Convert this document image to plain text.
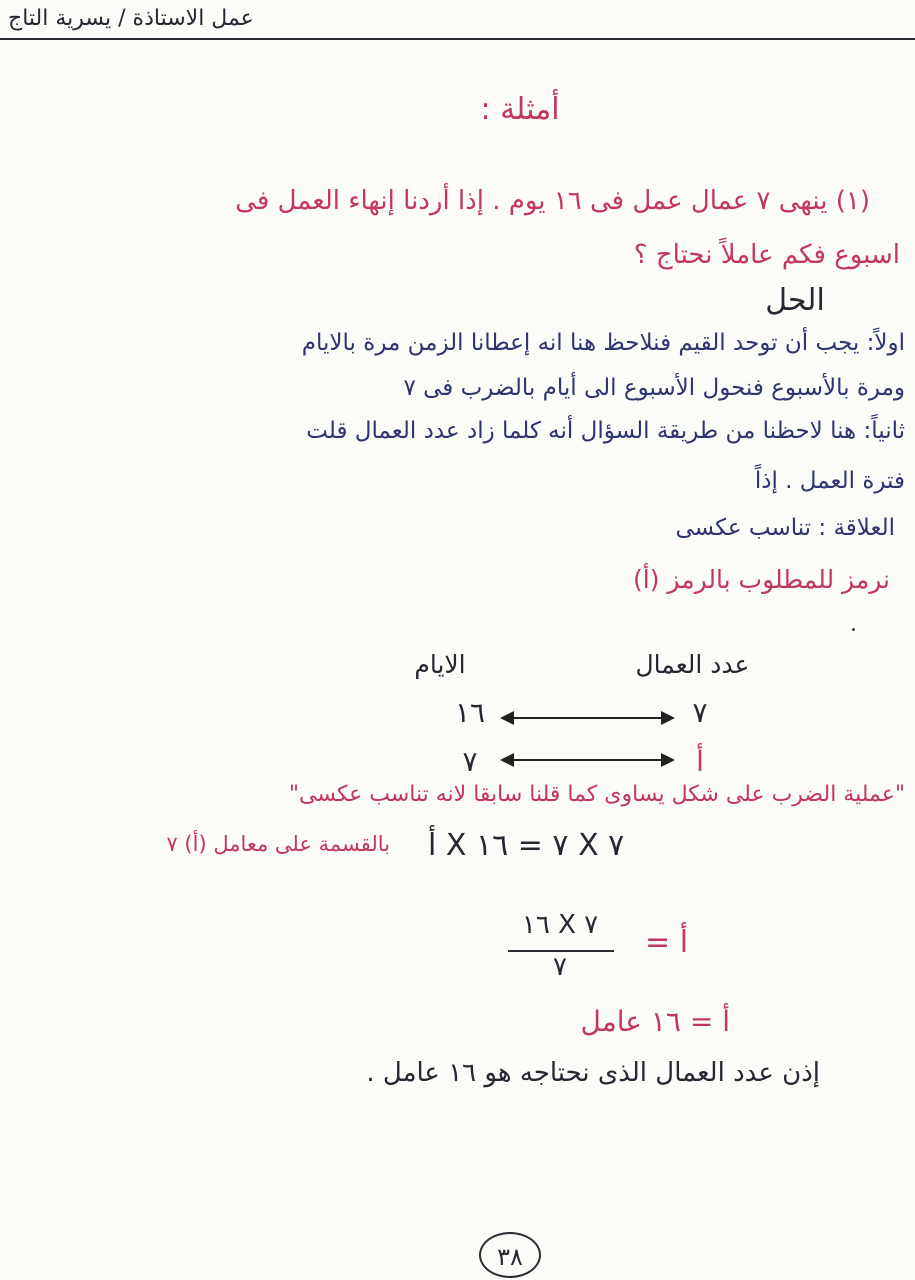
عمل الاستاذة / يسرية التاج
أمثلة :
(١) ينهى ٧ عمال عمل فى ١٦ يوم . إذا أردنا إنهاء العمل فى
اسبوع فكم عاملاً نحتاج ؟
الحل
اولاً: يجب أن توحد القيم فنلاحظ هنا انه إعطانا الزمن مرة بالايام
ومرة بالأسبوع فنحول الأسبوع الى أيام بالضرب فى ٧
ثانياً: هنا لاحظنا من طريقة السؤال أنه كلما زاد عدد العمال قلت
فترة العمل . إذاً
العلاقة : تناسب عكسى
نرمز للمطلوب بالرمز (أ)
عدد العمال
الايام
١٦	٧
٧	أ
"عملية الضرب على شكل يساوى كما قلنا سابقا لانه تناسب عكسى"
بالقسمة على معامل (أ) ٧ أ X ٧ = ١٦ X ٧
١٦ X ٧
٧
= أ
أ = ١٦ عامل
إذن عدد العمال الذى نحتاجه هو ١٦ عامل .
٣٨
